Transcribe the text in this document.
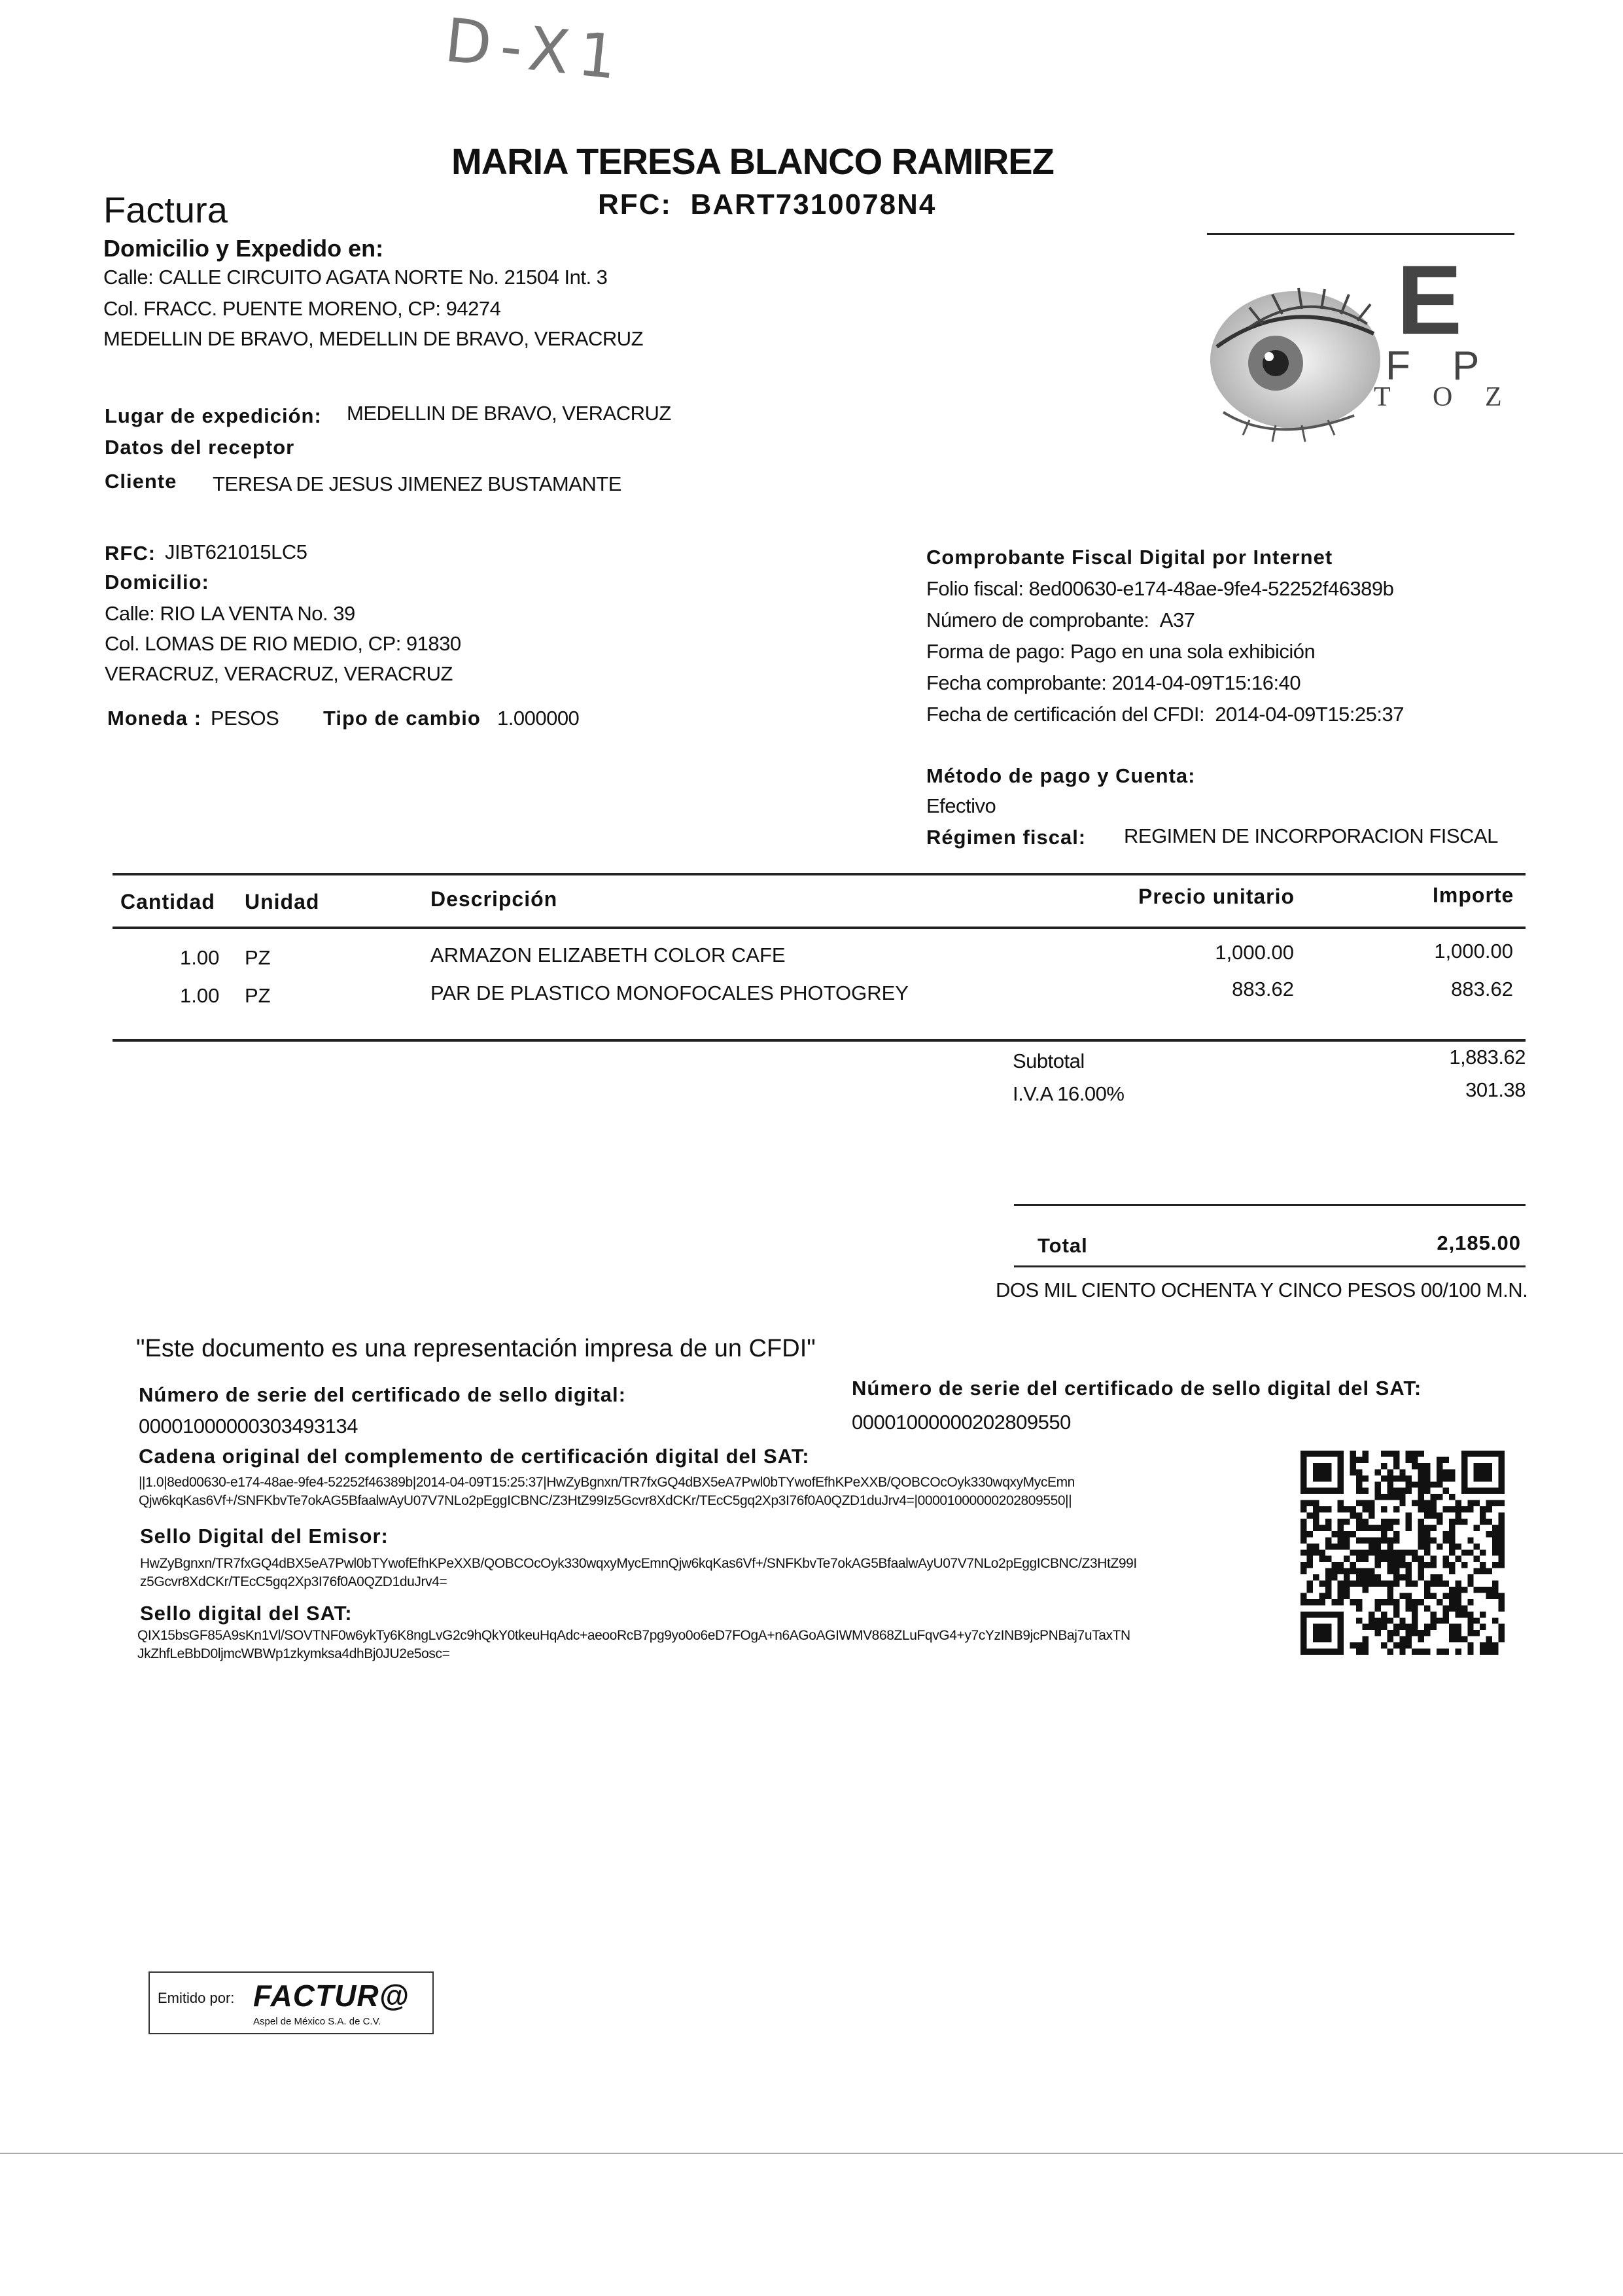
D-X1
MARIA TERESA BLANCO RAMIREZ
RFC: BART7310078N4
Factura
Domicilio y Expedido en:
Calle: CALLE CIRCUITO AGATA NORTE No. 21504 Int. 3
Col. FRACC. PUENTE MORENO, CP: 94274
MEDELLIN DE BRAVO, MEDELLIN DE BRAVO, VERACRUZ	E
F P
T O Z
Lugar de expedición: MEDELLIN DE BRAVO, VERACRUZ
Datos del receptor
Cliente TERESA DE JESUS JIMENEZ BUSTAMANTE
RFC: JIBT621015LC5
Domicilio:
Calle: RIO LA VENTA No. 39
Col. LOMAS DE RIO MEDIO, CP: 91830
VERACRUZ, VERACRUZ, VERACRUZ
Moneda : PESOS Tipo de cambio 1.000000
Comprobante Fiscal Digital por Internet
Folio fiscal: 8ed00630-e174-48ae-9fe4-52252f46389b
Número de comprobante: A37
Forma de pago: Pago en una sola exhibición
Fecha comprobante: 2014-04-09T15:16:40
Fecha de certificación del CFDI: 2014-04-09T15:25:37
Método de pago y Cuenta:
Efectivo
Régimen fiscal: REGIMEN DE INCORPORACION FISCAL
Cantidad Unidad	Descripción	Precio unitario	Importe
1.00 PZ	ARMAZON ELIZABETH COLOR CAFE	1,000.00	1,000.00
1.00 PZ	PAR DE PLASTICO MONOFOCALES PHOTOGREY	883.62	883.62
Subtotal	1,883.62
I.V.A 16.00%	301.38
Total	2,185.00
DOS MIL CIENTO OCHENTA Y CINCO PESOS 00/100 M.N.
"Este documento es una representación impresa de un CFDI"
Número de serie del certificado de sello digital:
00001000000303493134
Número de serie del certificado de sello digital del SAT:
00001000000202809550
Cadena original del complemento de certificación digital del SAT:
||1.0|8ed00630-e174-48ae-9fe4-52252f46389b|2014-04-09T15:25:37|HwZyBgnxn/TR7fxGQ4dBX5eA7Pwl0bTYwofEfhKPeXXB/QOBCOcOyk330wqxyMycEmn
Qjw6kqKas6Vf+/SNFKbvTe7okAG5BfaalwAyU07V7NLo2pEggICBNC/Z3HtZ99Iz5Gcvr8XdCKr/TEcC5gq2Xp3I76f0A0QZD1duJrv4=|00001000000202809550||
Sello Digital del Emisor:
HwZyBgnxn/TR7fxGQ4dBX5eA7Pwl0bTYwofEfhKPeXXB/QOBCOcOyk330wqxyMycEmnQjw6kqKas6Vf+/SNFKbvTe7okAG5BfaalwAyU07V7NLo2pEggICBNC/Z3HtZ99I
z5Gcvr8XdCKr/TEcC5gq2Xp3I76f0A0QZD1duJrv4=
Sello digital del SAT:
QIX15bsGF85A9sKn1Vl/SOVTNF0w6ykTy6K8ngLvG2c9hQkY0tkeuHqAdc+aeooRcB7pg9yo0o6eD7FOgA+n6AGoAGIWMV868ZLuFqvG4+y7cYzINB9jcPNBaj7uTaxTN
JkZhfLeBbD0ljmcWBWp1zkymksa4dhBj0JU2e5osc=
Emitido por: FACTUR@
Aspel de México S.A. de C.V.
